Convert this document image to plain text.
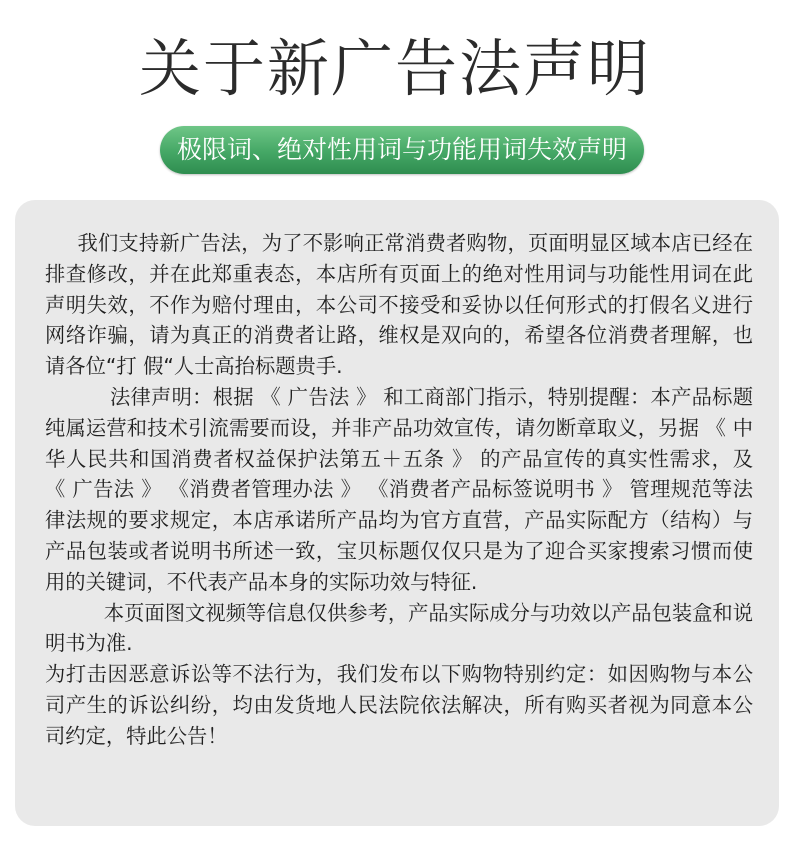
关于新广告法声明
极限词、绝对性用词与功能用词失效声明

我们支持新广告法，为了不影响正常消费者购物，页面明显区域本店已经在排查修改，并在此郑重表态，本店所有页面上的绝对性用词与功能性用词在此声明失效，不作为赔付理由，本公司不接受和妥协以任何形式的打假名义进行网络诈骗，请为真正的消费者让路，维权是双向的，希望各位消费者理解，也请各位“打 假“人士高抬标题贵手.

法律声明：根据 《 广告法 》 和工商部门指示，特别提醒：本产品标题纯属运营和技术引流需要而设，并非产品功效宣传，请勿断章取义，另据 《 中华人民共和国消费者权益保护法第五＋五条 》 的产品宣传的真实性需求，及 《 广告法 》 《消费者管理办法 》 《消费者产品标签说明书 》 管理规范等法律法规的要求规定，本店承诺所产品均为官方直营，产品实际配方（结构）与产品包装或者说明书所述一致，宝贝标题仅仅只是为了迎合买家搜索习惯而使用的关键词，不代表产品本身的实际功效与特征.

本页面图文视频等信息仅供参考，产品实际成分与功效以产品包装盒和说明书为准.

为打击因恶意诉讼等不法行为，我们发布以下购物特别约定：如因购物与本公司产生的诉讼纠纷，均由发货地人民法院依法解决，所有购买者视为同意本公司约定，特此公告！
